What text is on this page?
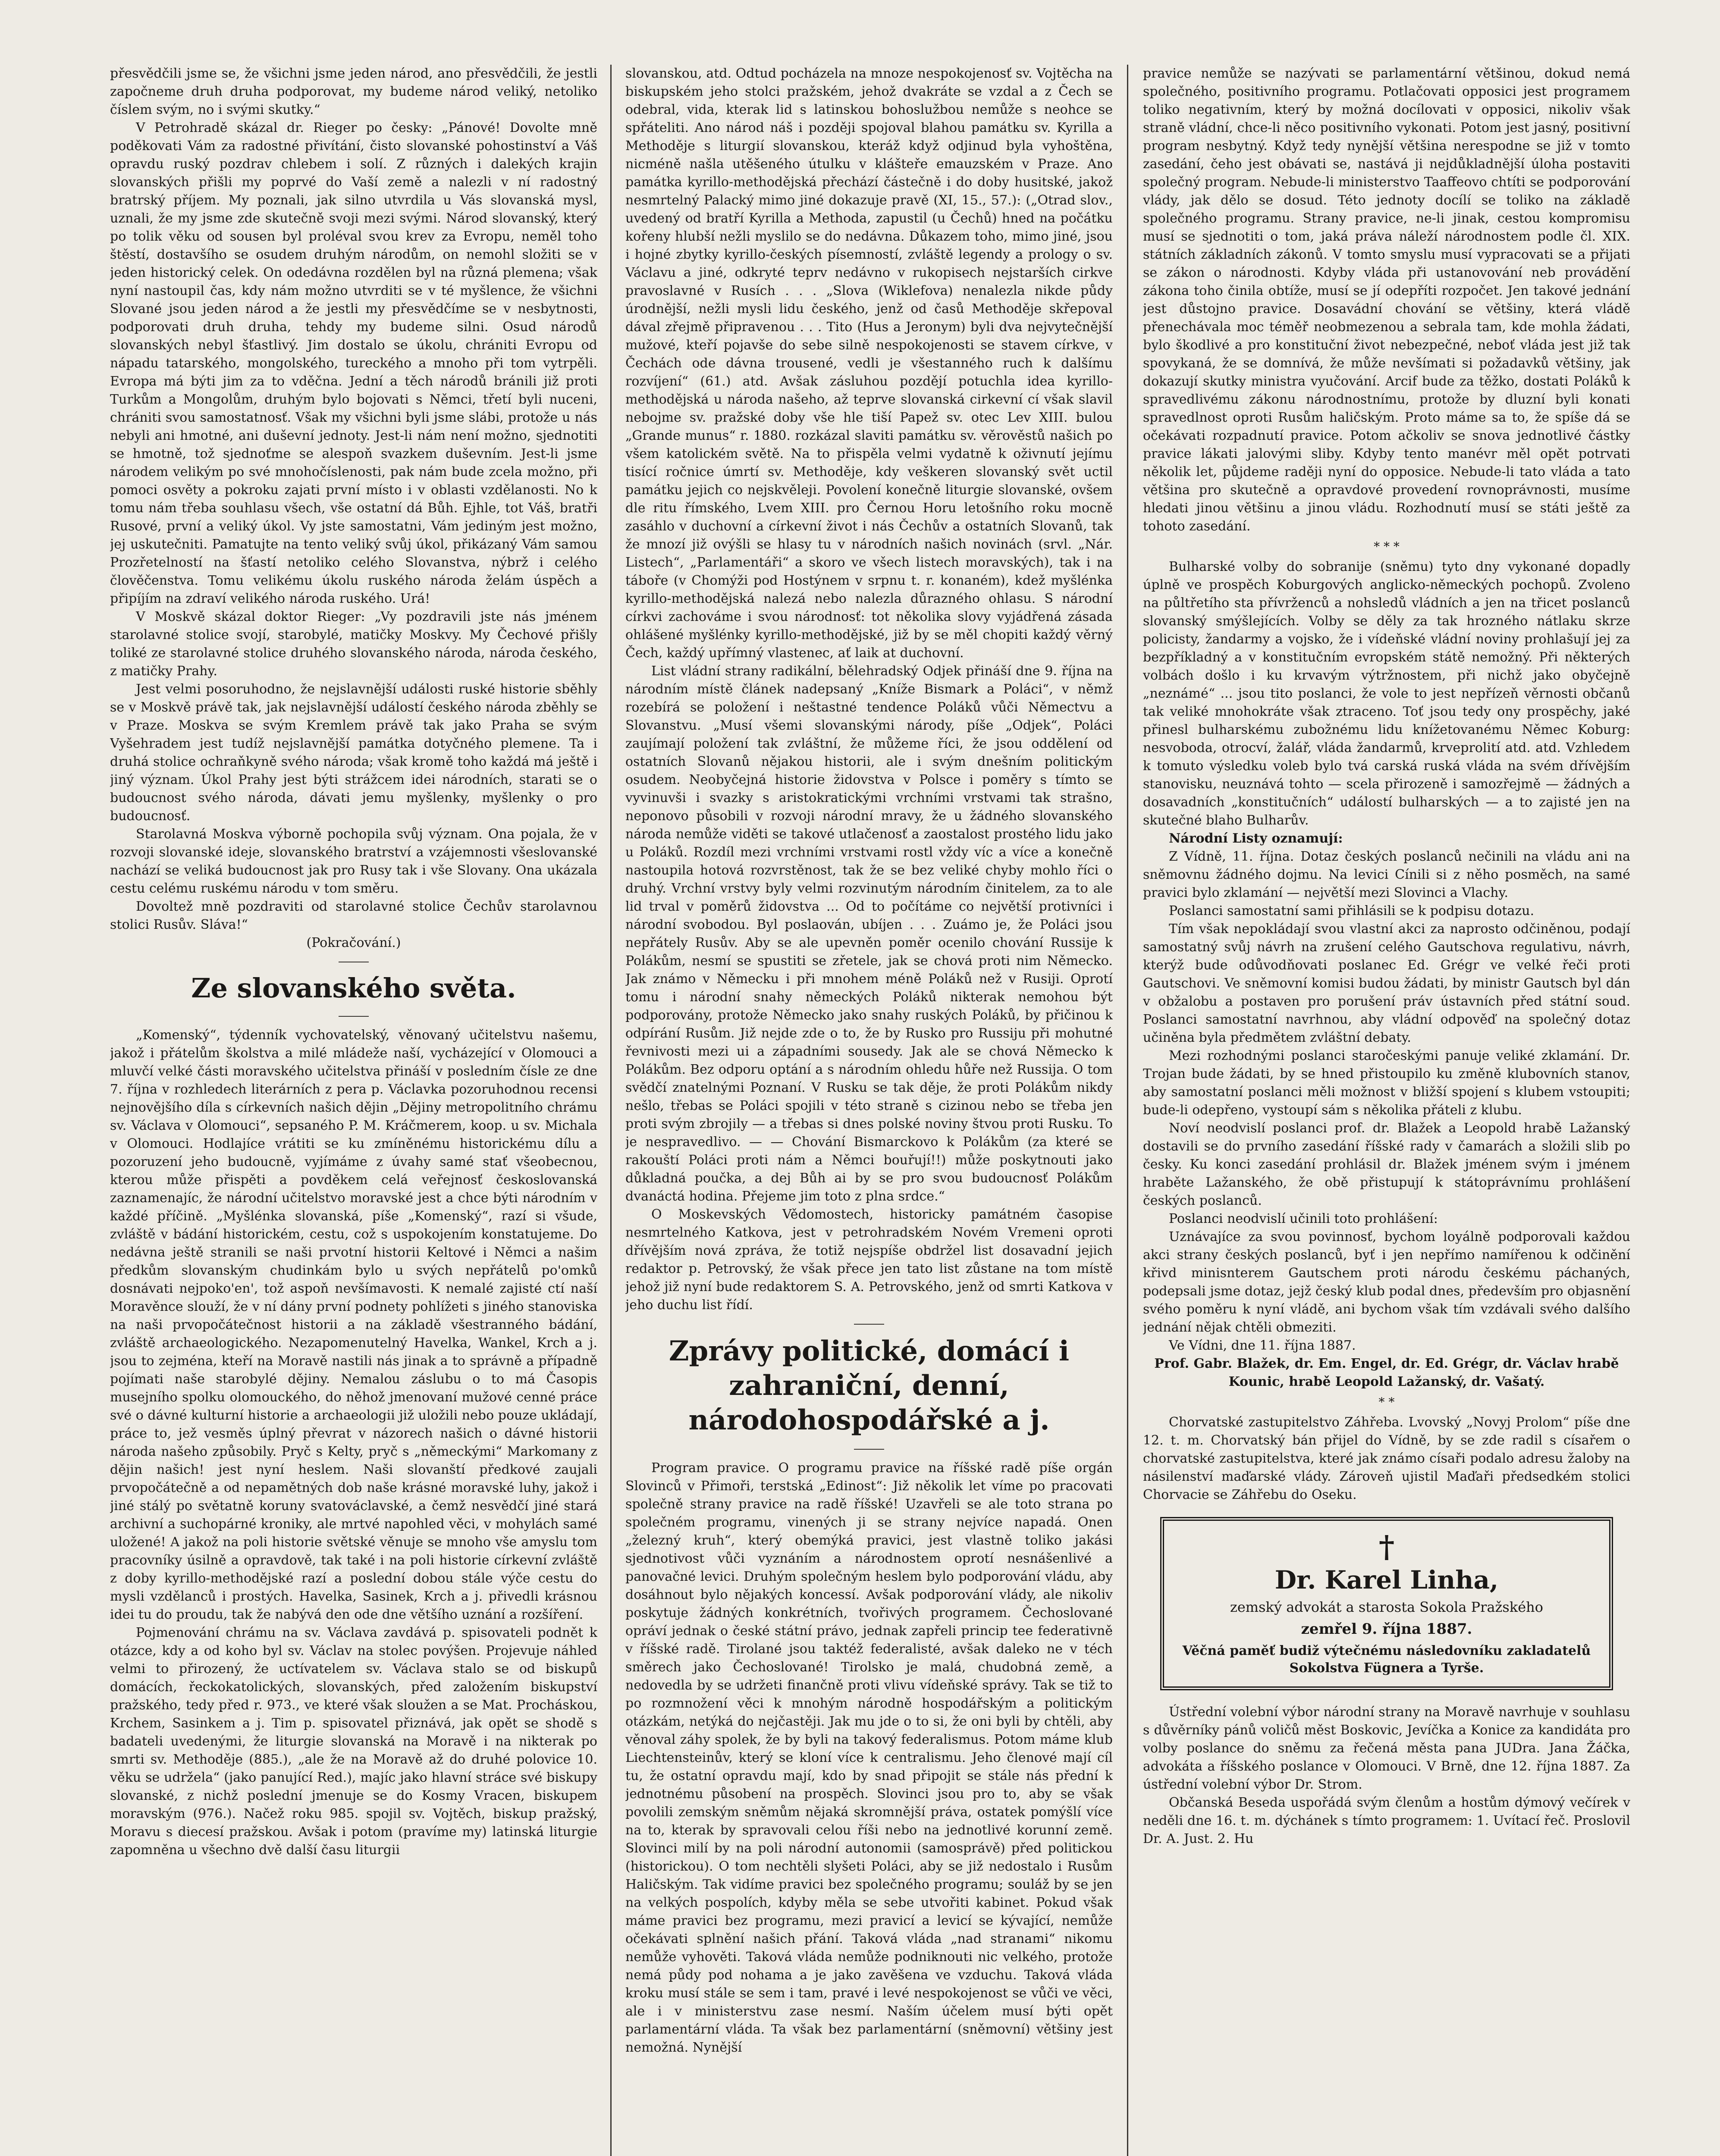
přesvědčili jsme se, že všichni jsme jeden národ, ano přesvědčili, že jestli započneme druh druha podporovat, my budeme národ veliký, netoliko číslem svým, no i svými skutky.“

V Petrohradě skázal dr. Rieger po česky: „Pánové! Dovolte mně poděkovati Vám za radostné přivítání, čisto slovanské pohostinství a Váš opravdu ruský pozdrav chlebem i solí. Z různých i dalekých krajin slovanských přišli my poprvé do Vaší země a nalezli v ní radostný bratrský příjem. My poznali, jak silno utvrdila u Vás slovanská mysl, uznali, že my jsme zde skutečně svoji mezi svými. Národ slovanský, který po tolik věku od sousen byl proléval svou krev za Evropu, neměl toho štěstí, dostavšího se osudem druhým národům, on nemohl složiti se v jeden historický celek. On odedávna rozdělen byl na různá plemena; však nyní nastoupil čas, kdy nám možno utvrditi se v té myšlence, že všichni Slované jsou jeden národ a že jestli my přesvědčíme se v nesbytnosti, podporovati druh druha, tehdy my budeme silni. Osud národů slovanských nebyl šťastlivý. Jim dostalo se úkolu, chrániti Evropu od nápadu tatarského, mongolského, tureckého a mnoho při tom vytrpěli. Evropa má býti jim za to vděčna. Jední a těch národů bránili již proti Turkům a Mongolům, druhým bylo bojovati s Němci, třetí byli nuceni, chrániti svou samostatnosť. Však my všichni byli jsme slábi, protože u nás nebyli ani hmotné, ani duševní jednoty. Jest-li nám není možno, sjednotiti se hmotně, tož sjednoťme se alespoň svazkem duševním. Jest-li jsme národem velikým po své mnohočíslenosti, pak nám bude zcela možno, při pomoci osvěty a pokroku zajati první místo i v oblasti vzdělanosti. No k tomu nám třeba souhlasu všech, vše ostatní dá Bůh. Ejhle, tot Váš, bratři Rusové, první a veliký úkol. Vy jste samostatni, Vám jediným jest možno, jej uskutečniti. Pamatujte na tento veliký svůj úkol, přikázaný Vám samou Prozřetelností na šťastí netoliko celého Slovanstva, nýbrž i celého člověčenstva. Tomu velikému úkolu ruského národa želám úspěch a připíjím na zdraví velikého národa ruského. Urá!

V Moskvě skázal doktor Rieger: „Vy pozdravili jste nás jménem starolavné stolice svojí, starobylé, matičky Moskvy. My Čechové přišly toliké ze starolavné stolice druhého slovanského národa, národa českého, z matičky Prahy.

Jest velmi posoruhodno, že nejslavnější události ruské historie sběhly se v Moskvě právě tak, jak nejslavnější událostí českého národa zběhly se v Praze. Moskva se svým Kremlem právě tak jako Praha se svým Vyšehradem jest tudíž nejslavnější památka dotyčného plemene. Ta i druhá stolice ochraňkyně svého národa; však kromě toho každá má ještě i jiný význam. Úkol Prahy jest býti strážcem idei národních, starati se o budoucnost svého národa, dávati jemu myšlenky, myšlenky o pro budoucnosť.

Starolavná Moskva výborně pochopila svůj význam. Ona pojala, že v rozvoji slovanské ideje, slovanského bratrství a vzájemnosti všeslovanské nachází se veliká budoucnost jak pro Rusy tak i vše Slovany. Ona ukázala cestu celému ruskému národu v tom směru.

Dovoltež mně pozdraviti od starolavné stolice Čechův starolavnou stolici Rusův. Sláva!“

(Pokračování.)

Ze slovanského světa.

„Komenský“, týdenník vychovatelský, věnovaný učitelstvu našemu, jakož i přátelům školstva a milé mládeže naší, vycházející v Olomouci a mluvčí velké části moravského učitelstva přináší v posledním čísle ze dne 7. října v rozhledech literárních z pera p. Václavka pozoruhodnou recensi nejnovějšího díla s církevních našich dějin „Dějiny metropolitního chrámu sv. Václava v Olomouci“, sepsaného P. M. Kráčmerem, koop. u sv. Michala v Olomouci. Hodlajíce vrátiti se ku zmíněnému historickému dílu a pozoruzení jeho budoucně, vyjímáme z úvahy samé stať všeobecnou, kterou může přispěti a povděkem celá veřejnosť českoslovanská zaznamenajíc, že národní učitelstvo moravské jest a chce býti národním v každé příčině. „Myšlénka slovanská, píše „Komenský“, razí si všude, zvláště v bádání historickém, cestu, což s uspokojením konstatujeme. Do nedávna ještě stranili se naši prvotní historii Keltové i Němci a našim předkům slovanským chudinkám bylo u svých nepřátelů po'omků dosnávati nejpoko'en', tož aspoň nevšímavosti. K nemalé zajisté ctí naší Moravěnce slouží, že v ní dány první podnety pohlížeti s jiného stanoviska na naši prvopočátečnost historii a na základě všestranného bádání, zvláště archaeologického. Nezapomenutelný Havelka, Wankel, Krch a j. jsou to zejména, kteří na Moravě nastili nás jinak a to správně a případně pojímati naše starobylé dějiny. Nemalou záslubu o to má Časopis musejního spolku olomouckého, do něhož jmenovaní mužové cenné práce své o dávné kulturní historie a archaeologii již uložili nebo pouze ukládají, práce to, jež vesměs úplný převrat v názorech našich o dávné historii národa našeho způsobily. Pryč s Kelty, pryč s „německými“ Markomany z dějin našich! jest nyní heslem. Naši slovanští předkové zaujali prvopočátečně a od nepamětných dob naše krásné moravské luhy, jakož i jiné stálý po světatně koruny svatováclavské, a čemž nesvědčí jiné stará archivní a suchopárné kroniky, ale mrtvé napohled věci, v mohylách samé uložené! A jakož na poli historie světské věnuje se mnoho vše amyslu tom pracovníky úsilně a opravdově, tak také i na poli historie církevní zvláště z doby kyrillo-methodějské razí a poslední dobou stále výče cestu do mysli vzdělanců i prostých. Havelka, Sasinek, Krch a j. přivedli krásnou idei tu do proudu, tak že nabývá den ode dne většího uznání a rozšíření.

Pojmenování chrámu na sv. Václava zavdává p. spisovateli podnět k otázce, kdy a od koho byl sv. Václav na stolec povýšen. Projevuje náhled velmi to přirozený, že uctívatelem sv. Václava stalo se od biskupů domácích, řeckokatolických, slovanských, před založením biskupství pražského, tedy před r. 973., ve které však sloužen a se Mat. Procháskou, Krchem, Sasinkem a j. Tim p. spisovatel přiznává, jak opět se shodě s badateli uvedenými, že liturgie slovanská na Moravě i na nikterak po smrti sv. Methoděje (885.), „ale že na Moravě až do druhé polovice 10. věku se udržela“ (jako panující Red.), majíc jako hlavní stráce své biskupy slovanské, z nichž poslední jmenuje se do Kosmy Vracen, biskupem moravským (976.). Načež roku 985. spojil sv. Vojtěch, biskup pražský, Moravu s diecesí pražskou. Avšak i potom (pravíme my) latinská liturgie zapomněna u všechno dvě další času liturgii

slovanskou, atd. Odtud pocházela na mnoze nespokojenosť sv. Vojtěcha na biskupském jeho stolci pražském, jehož dvakráte se vzdal a z Čech se odebral, vida, kterak lid s latinskou bohoslužbou nemůže s neohce se spřáteliti. Ano národ náš i později spojoval blahou památku sv. Kyrilla a Methoděje s liturgií slovanskou, kteráž když odjinud byla vyhoštěna, nicméně našla utěšeného útulku v klášteře emauzském v Praze. Ano památka kyrillo-methodějská přechází částečně i do doby husitské, jakož nesmrtelný Palacký mimo jiné dokazuje pravě (XI, 15., 57.): („Otrad slov., uvedený od bratří Kyrilla a Methoda, zapustil (u Čechů) hned na počátku kořeny hlubší nežli myslilo se do nedávna. Důkazem toho, mimo jiné, jsou i hojné zbytky kyrillo-českých písemností, zvláště legendy a prology o sv. Václavu a jiné, odkryté teprv nedávno v rukopisech nejstarších cirkve pravoslavné v Rusích . . . „Slova (Wiklefova) nenalezla nikde půdy úrodnější, nežli mysli lidu českého, jenž od časů Methoděje skřepoval dával zřejmě připravenou . . . Tito (Hus a Jeronym) byli dva nejvytečnější mužové, kteří pojavše do sebe silně nespokojenosti se stavem církve, v Čechách ode dávna trousené, vedli je všestanného ruch k dalšímu rozvíjení“ (61.) atd. Avšak zásluhou pozdějí potuchla idea kyrillo-methodějská u národa našeho, až teprve slovanská cirkevní cí však slavil nebojme sv. pražské doby vše hle tiší Papež sv. otec Lev XIII. bulou „Grande munus“ r. 1880. rozkázal slaviti památku sv. věrověstů našich po všem katolickém světě. Na to přispěla velmi vydatně k oživnutí jejímu tisící ročnice úmrtí sv. Methoděje, kdy veškeren slovanský svět uctil památku jejich co nejskvěleji. Povolení konečně liturgie slovanské, ovšem dle ritu římského, Lvem XIII. pro Černou Horu letošního roku mocně zasáhlo v duchovní a církevní život i nás Čechův a ostatních Slovanů, tak že mnozí již ovýšli se hlasy tu v národních našich novinách (srvl. „Nár. Listech“, „Parlamentáři“ a skoro ve všech listech moravských), tak i na táboře (v Chomýži pod Hostýnem v srpnu t. r. konaném), kdež myšlénka kyrillo-methodějská nalezá nebo nalezla důrazného ohlasu. S národní církvi zachováme i svou národnosť: tot několika slovy vyjádřená zásada ohlášené myšlénky kyrillo-methodějské, již by se měl chopiti každý věrný Čech, každý upřímný vlastenec, ať laik at duchovní.

List vládní strany radikální, bělehradský Odjek přináší dne 9. října na národním místě článek nadepsaný „Kníže Bismark a Poláci“, v němž rozebírá se položení i neštastné tendence Poláků vůči Němectvu a Slovanstvu. „Musí všemi slovanskými národy, píše „Odjek“, Poláci zaujímají položení tak zvláštní, že můžeme říci, že jsou oddělení od ostatních Slovanů nějakou historii, ale i svým dnešním politickým osudem. Neobyčejná historie židovstva v Polsce i poměry s tímto se vyvinuvši i svazky s aristokratickými vrchními vrstvami tak strašno, neponovo působili v rozvoji národní mravy, že u žádného slovanského národa nemůže viděti se takové utlačenosť a zaostalost prostého lidu jako u Poláků. Rozdíl mezi vrchními vrstvami rostl vždy víc a více a konečně nastoupila hotová rozvrstěnost, tak že se bez veliké chyby mohlo říci o druhý. Vrchní vrstvy byly velmi rozvinutým národním činitelem, za to ale lid trval v poměrů židovstva ... Od to počítáme co největší protivníci i národní svobodou. Byl poslaován, ubíjen . . . Zuámo je, že Poláci jsou nepřátely Rusův. Aby se ale upevněn poměr ocenilo chování Russije k Polákům, nesmí se spustiti se zřetele, jak se chová proti nim Německo. Jak známo v Německu i při mnohem méně Poláků než v Rusiji. Oprotí tomu i národní snahy německých Poláků nikterak nemohou být podporovány, protože Německo jako snahy ruských Poláků, by přičinou k odpírání Rusům. Již nejde zde o to, že by Rusko pro Russiju při mohutné řevnivosti mezi ui a západními sousedy. Jak ale se chová Německo k Polákům. Bez odporu optání a s národním ohledu hůře než Russija. O tom svědčí znatelnými Poznaní. V Rusku se tak děje, že proti Polákům nikdy nešlo, třebas se Poláci spojili v této straně s cizinou nebo se třeba jen proti svým zbrojily — a třebas si dnes polské noviny štvou proti Rusku. To je nespravedlivo. — — Chování Bismarckovo k Polákům (za které se rakouští Poláci proti nám a Němci bouřují!!) může poskytnouti jako důkladná poučka, a dej Bůh ai by se pro svou budoucnosť Polákům dvanáctá hodina. Přejeme jim toto z plna srdce.“

O Moskevských Vědomostech, historicky památném časopise nesmrtelného Katkova, jest v petrohradském Novém Vremeni oproti dřívějším nová zpráva, že totiž nejspíše obdržel list dosavadní jejich redaktor p. Petrovský, že však přece jen tato list zůstane na tom místě jehož již nyní bude redaktorem S. A. Petrovského, jenž od smrti Katkova v jeho duchu list řídí.

Zprávy politické, domácí i zahraniční, denní, národohospodářské a j.

Program pravice. O programu pravice na říšské radě píše orgán Slovinců v Přimoři, terstská „Edinost“: Již několik let víme po pracovati společně strany pravice na radě říšské! Uzavřeli se ale toto strana po společném programu, vinených ji se strany nejvíce napadá. Onen „železný kruh“, který obemýká pravici, jest vlastně toliko jakási sjednotivost vůči vyznáním a národnostem oprotí nesnášenlivé a panovačné levici. Druhým společným heslem bylo podporování vládu, aby dosáhnout bylo nějakých koncessí. Avšak podporování vlády, ale nikoliv poskytuje žádných konkrétních, tvořivých programem. Čechoslované opráví jednak o české státní právo, jednak zapřeli princip tee federativně v říšské radě. Tirolané jsou taktéž federalisté, avšak daleko ne v téch směrech jako Čechoslované! Tirolsko je malá, chudobná země, a nedovedla by se udržeti finančně proti vlivu vídeňské správy. Tak se tiž to po rozmnožení věci k mnohým národně hospodářským a politickým otázkám, netýká do nejčastěji. Jak mu jde o to si, že oni byli by chtěli, aby věnoval záhy spolek, že by byli na takový federalismus. Potom máme klub Liechtensteinův, který se kloní více k centralismu. Jeho členové mají cíl tu, že ostatní opravdu mají, kdo by snad připojit se stále nás přední k jednotnému působení na prospěch. Slovinci jsou pro to, aby se však povolili zemským sněmům nějaká skromnější práva, ostatek pomýšlí více na to, kterak by spravovali celou říši nebo na jednotlivé korunní země. Slovinci milí by na poli národní autonomii (samosprávě) před politickou (historickou). O tom nechtěli slyšeti Poláci, aby se již nedostalo i Rusům Haličským. Tak vidíme pravici bez společného programu; souláž by se jen na velkých pospolích, kdyby měla se sebe utvořiti kabinet. Pokud však máme pravici bez programu, mezi pravicí a levicí se kývající, nemůže očekávati splnění našich přání. Taková vláda „nad stranami“ nikomu nemůže vyhověti. Taková vláda nemůže podniknouti nic velkého, protože nemá půdy pod nohama a je jako zavěšena ve vzduchu. Taková vláda kroku musí stále se sem i tam, pravé i levé nespokojenost se vůči ve věci, ale i v ministerstvu zase nesmí. Naším účelem musí býti opět parlamentární vláda. Ta však bez parlamentární (sněmovní) většiny jest nemožná. Nynější

pravice nemůže se nazývati se parlamentární většinou, dokud nemá společného, positivního programu. Potlačovati opposici jest programem toliko negativním, který by možná docílovati v opposici, nikoliv však straně vládní, chce-li něco positivního vykonati. Potom jest jasný, positivní program nesbytný. Když tedy nynější většina nerespodne se již v tomto zasedání, čeho jest obávati se, nastává ji nejdůkladnější úloha postaviti společný program. Nebude-li ministerstvo Taaffeovo chtíti se podporování vlády, jak dělo se dosud. Této jednoty docílí se toliko na základě společného programu. Strany pravice, ne-li jinak, cestou kompromisu musí se sjednotiti o tom, jaká práva náleží národnostem podle čl. XIX. státních základních zákonů. V tomto smyslu musí vypracovati se a přijati se zákon o národnosti. Kdyby vláda při ustanovování neb provádění zákona toho činila obtíže, musí se jí odepříti rozpočet. Jen takové jednání jest důstojno pravice. Dosavádní chování se většiny, která vládě přenechávala moc téměř neobmezenou a sebrala tam, kde mohla žádati, bylo škodlivé a pro konstituční život nebezpečné, neboť vláda jest již tak spovykaná, že se domnívá, že může nevšímati si požadavků většiny, jak dokazují skutky ministra vyučování. Arcif bude za těžko, dostati Poláků k spravedlivému zákonu národnostnímu, protože by dluzní byli konati spravedlnost oproti Rusům haličským. Proto máme sa to, že spíše dá se očekávati rozpadnutí pravice. Potom ačkoliv se snova jednotlivé částky pravice lákati jalovými sliby. Kdyby tento manévr měl opět potrvati několik let, půjdeme raději nyní do opposice. Nebude-li tato vláda a tato většina pro skutečně a opravdové provedení rovnoprávnosti, musíme hledati jinou většinu a jinou vládu. Rozhodnutí musí se státi ještě za tohoto zasedání.

* * *

Bulharské volby do sobranije (sněmu) tyto dny vykonané dopadly úplně ve prospěch Koburgových anglicko-německých pochopů. Zvoleno na půltřetího sta přívrženců a nohsledů vládních a jen na třicet poslanců slovanský smýšlejících. Volby se děly za tak hrozného nátlaku skrze policisty, žandarmy a vojsko, že i vídeňské vládní noviny prohlašují jej za bezpříkladný a v konstitučním evropském státě nemožný. Při některých volbách došlo i ku krvavým výtržnostem, při nichž jako obyčejně „neznámé“ ... jsou tito poslanci, že vole to jest nepřízeň věrnosti občanů tak veliké mnohokráte však ztraceno. Toť jsou tedy ony prospěchy, jaké přinesl bulharskému zubožnému lidu knížetovanému Němec Koburg: nesvoboda, otrocví, žalář, vláda žandarmů, krveprolití atd. atd. Vzhledem k tomuto výsledku voleb bylo tvá carská ruská vláda na svém dřívějším stanovisku, neuznává tohto — scela přirozeně i samozřejmě — žádných a dosavadních „konstitučních“ událostí bulharských — a to zajisté jen na skutečné blaho Bulharův.

Národní Listy oznamují:

Z Vídně, 11. října. Dotaz českých poslanců nečinili na vládu ani na sněmovnu žádného dojmu. Na levici Cínili si z něho posměch, na samé pravici bylo zklamání — největší mezi Slovinci a Vlachy.

Poslanci samostatní sami přihlásili se k podpisu dotazu.

Tím však nepokládají svou vlastní akci za naprosto odčiněnou, podají samostatný svůj návrh na zrušení celého Gautschova regulativu, návrh, kterýž bude odůvodňovati poslanec Ed. Grégr ve velké řeči proti Gautschovi. Ve sněmovní komisi budou žádati, by ministr Gautsch byl dán v obžalobu a postaven pro porušení práv ústavních před státní soud. Poslanci samostatní navrhnou, aby vládní odpověď na společný dotaz učiněna byla předmětem zvláštní debaty.

Mezi rozhodnými poslanci staročeskými panuje veliké zklamání. Dr. Trojan bude žádati, by se hned přistoupilo ku změně klubovních stanov, aby samostatní poslanci měli možnost v bližší spojení s klubem vstoupiti; bude-li odepřeno, vystoupí sám s několika přáteli z klubu.

Noví neodvislí poslanci prof. dr. Blažek a Leopold hrabě Lažanský dostavili se do prvního zasedání říšské rady v čamarách a složili slib po česky. Ku konci zasedání prohlásil dr. Blažek jménem svým i jménem hraběte Lažanského, že obě přistupují k státoprávnímu prohlášení českých poslanců.

Poslanci neodvislí učinili toto prohlášení:

Uznávajíce za svou povinnosť, bychom loyálně podporovali každou akci strany českých poslanců, byť i jen nepřímo namířenou k odčinění křivd minisnterem Gautschem proti národu českému páchaných, podepsali jsme dotaz, jejž český klub podal dnes, především pro objasnění svého poměru k nyní vládě, ani bychom však tím vzdávali svého dalšího jednání nějak chtěli obmeziti.

Ve Vídni, dne 11. října 1887.

Prof. Gabr. Blažek, dr. Em. Engel, dr. Ed. Grégr, dr. Václav hrabě Kounic, hrabě Leopold Lažanský, dr. Vašatý.
* *

Chorvatské zastupitelstvo Záhřeba. Lvovský „Novyj Prolom“ píše dne 12. t. m. Chorvatský bán přijel do Vídně, by se zde radil s císařem o chorvatské zastupitelstva, které jak známo císaři podalo adresu žaloby na násilenství maďarské vlády. Zároveň ujistil Maďaři předsedkém stolici Chorvacie se Záhřebu do Oseku.

†
Dr. Karel Linha,
zemský advokát a starosta Sokola Pražského
zemřel 9. října 1887.
Věčná paměť budiž výtečnému následovníku zakladatelů Sokolstva Fügnera a Tyrše.

Ústřední volební výbor národní strany na Moravě navrhuje v souhlasu s důvěrníky pánů voličů měst Boskovic, Jevíčka a Konice za kandidáta pro volby poslance do sněmu za řečená města pana JUDra. Jana Žáčka, advokáta a říšského poslance v Olomouci. V Brně, dne 12. října 1887. Za ústřední volební výbor Dr. Strom.

Občanská Beseda uspořádá svým členům a hostům dýmový večírek v neděli dne 16. t. m. dýchánek s tímto programem: 1. Uvítací řeč. Proslovil Dr. A. Just. 2. Hu
